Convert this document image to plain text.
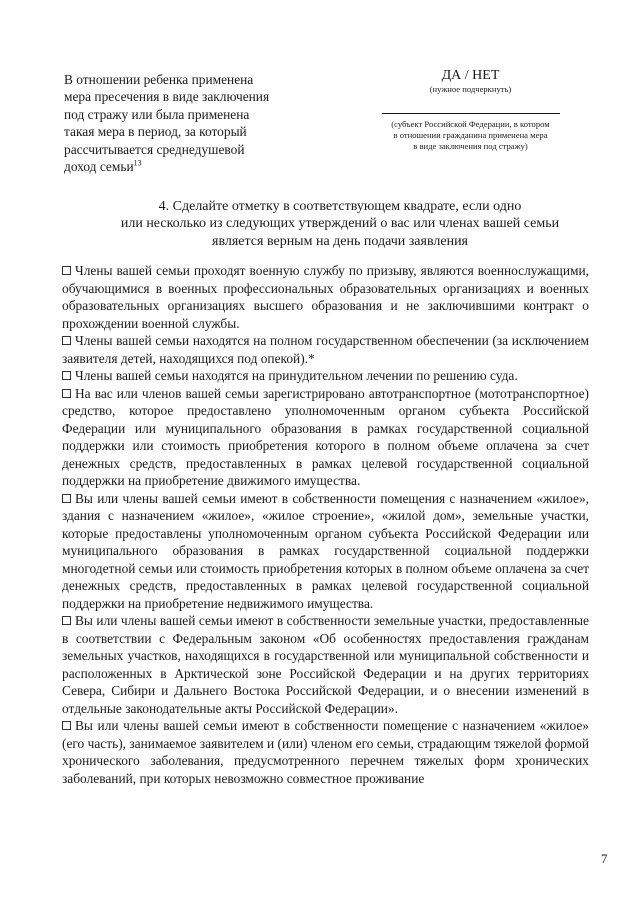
В отношении ребенка применена
мера пресечения в виде заключения
под стражу или была применена
такая мера в период, за который
рассчитывается среднедушевой
доход семьи$^{13}$
ДА / НЕТ
(нужное подчеркнуть)
(субъект Российской Федерации, в котором
в отношении гражданина применена мера
в виде заключения под стражу)
4. Сделайте отметку в соответствующем квадрате, если одно
или несколько из следующих утверждений о вас или членах вашей семьи
является верным на день подачи заявления

Члены вашей семьи проходят военную службу по призыву, являются военнослужащими, обучающимися в военных профессиональных образовательных организациях и военных образовательных организациях высшего образования и не заключившими контракт о прохождении военной службы.

Члены вашей семьи находятся на полном государственном обеспечении (за исключением заявителя детей, находящихся под опекой).*

Члены вашей семьи находятся на принудительном лечении по решению суда.

На вас или членов вашей семьи зарегистрировано автотранспортное (мототранспортное) средство, которое предоставлено уполномоченным органом субъекта Российской Федерации или муниципального образования в рамках государственной социальной поддержки или стоимость приобретения которого в полном объеме оплачена за счет денежных средств, предоставленных в рамках целевой государственной социальной поддержки на приобретение движимого имущества.

Вы или члены вашей семьи имеют в собственности помещения с назначением «жилое», здания с назначением «жилое», «жилое строение», «жилой дом», земельные участки, которые предоставлены уполномоченным органом субъекта Российской Федерации или муниципального образования в рамках государственной социальной поддержки многодетной семьи или стоимость приобретения которых в полном объеме оплачена за счет денежных средств, предоставленных в рамках целевой государственной социальной поддержки на приобретение недвижимого имущества.

Вы или члены вашей семьи имеют в собственности земельные участки, предоставленные в соответствии с Федеральным законом «Об особенностях предоставления гражданам земельных участков, находящихся в государственной или муниципальной собственности и расположенных в Арктической зоне Российской Федерации и на других территориях Севера, Сибири и Дальнего Востока Российской Федерации, и о внесении изменений в отдельные законодательные акты Российской Федерации».

Вы или члены вашей семьи имеют в собственности помещение с назначением «жилое» (его часть), занимаемое заявителем и (или) членом его семьи, страдающим тяжелой формой хронического заболевания, предусмотренного перечнем тяжелых форм хронических заболеваний, при которых невозможно совместное проживание

7
